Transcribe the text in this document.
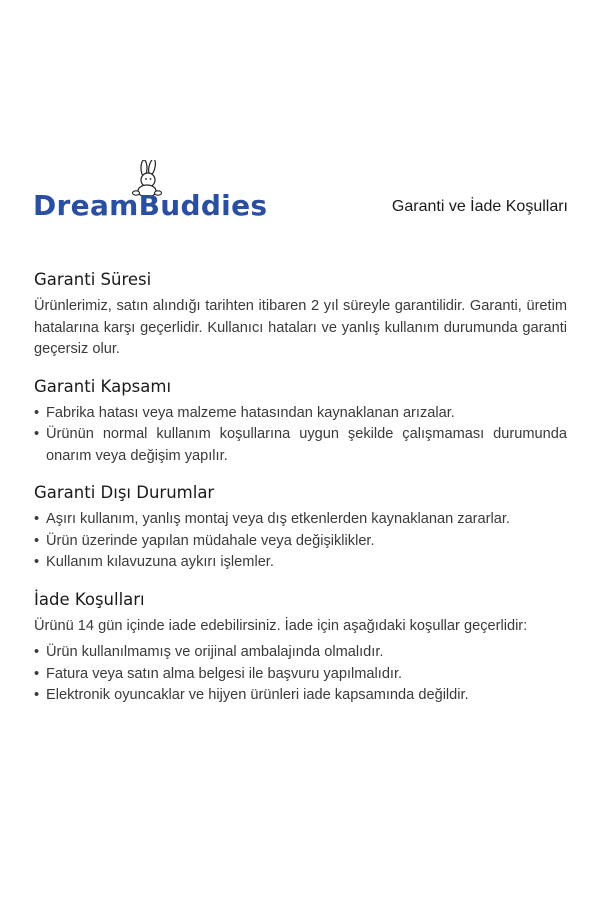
DreamBuddies	Garanti ve İade Koşulları
Garanti Süresi

Ürünlerimiz, satın alındığı tarihten itibaren 2 yıl süreyle garantilidir. Garanti, üretim hatalarına karşı geçerlidir. Kullanıcı hataları ve yanlış kullanım durumunda garanti geçersiz olur.

Garanti Kapsamı
• Fabrika hatası veya malzeme hatasından kaynaklanan arızalar.
• Ürünün normal kullanım koşullarına uygun şekilde çalışmaması durumunda onarım veya değişim yapılır.
Garanti Dışı Durumlar
• Aşırı kullanım, yanlış montaj veya dış etkenlerden kaynaklanan zararlar.
• Ürün üzerinde yapılan müdahale veya değişiklikler.
• Kullanım kılavuzuna aykırı işlemler.
İade Koşulları

Ürünü 14 gün içinde iade edebilirsiniz. İade için aşağıdaki koşullar geçerlidir:

• Ürün kullanılmamış ve orijinal ambalajında olmalıdır.
• Fatura veya satın alma belgesi ile başvuru yapılmalıdır.
• Elektronik oyuncaklar ve hijyen ürünleri iade kapsamında değildir.
